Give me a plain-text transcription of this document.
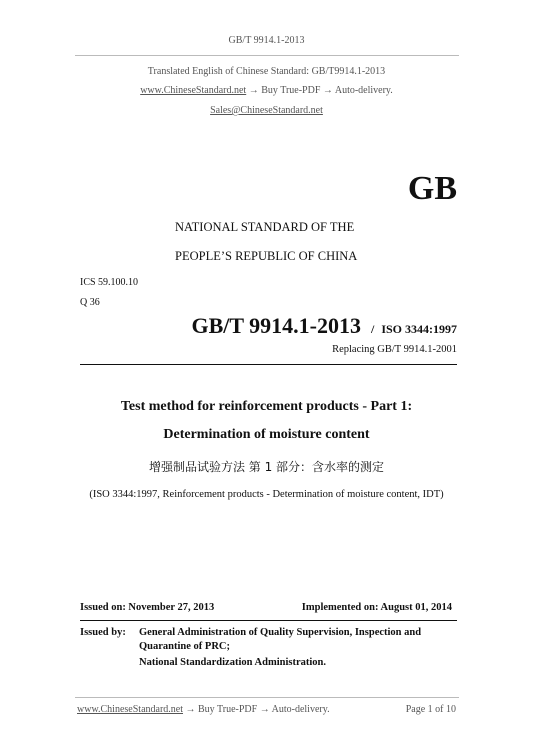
GB/T 9914.1-2013
Translated English of Chinese Standard: GB/T9914.1-2013
www.ChineseStandard.net → Buy True-PDF → Auto-delivery.
Sales@ChineseStandard.net
GB
NATIONAL STANDARD OF THE
PEOPLE’S REPUBLIC OF CHINA
ICS 59.100.10
Q 36
GB/T 9914.1-2013 / ISO 3344:1997
Replacing GB/T 9914.1-2001
Test method for reinforcement products - Part 1:
Determination of moisture content
增强制品试验方法 第 1 部分：含水率的测定
(ISO 3344:1997, Reinforcement products - Determination of moisture content, IDT)
Issued on: November 27, 2013	Implemented on: August 01, 2014
Issued by: General Administration of Quality Supervision, Inspection and
Quarantine of PRC;
National Standardization Administration.
www.ChineseStandard.net → Buy True-PDF → Auto-delivery.	Page 1 of 10
